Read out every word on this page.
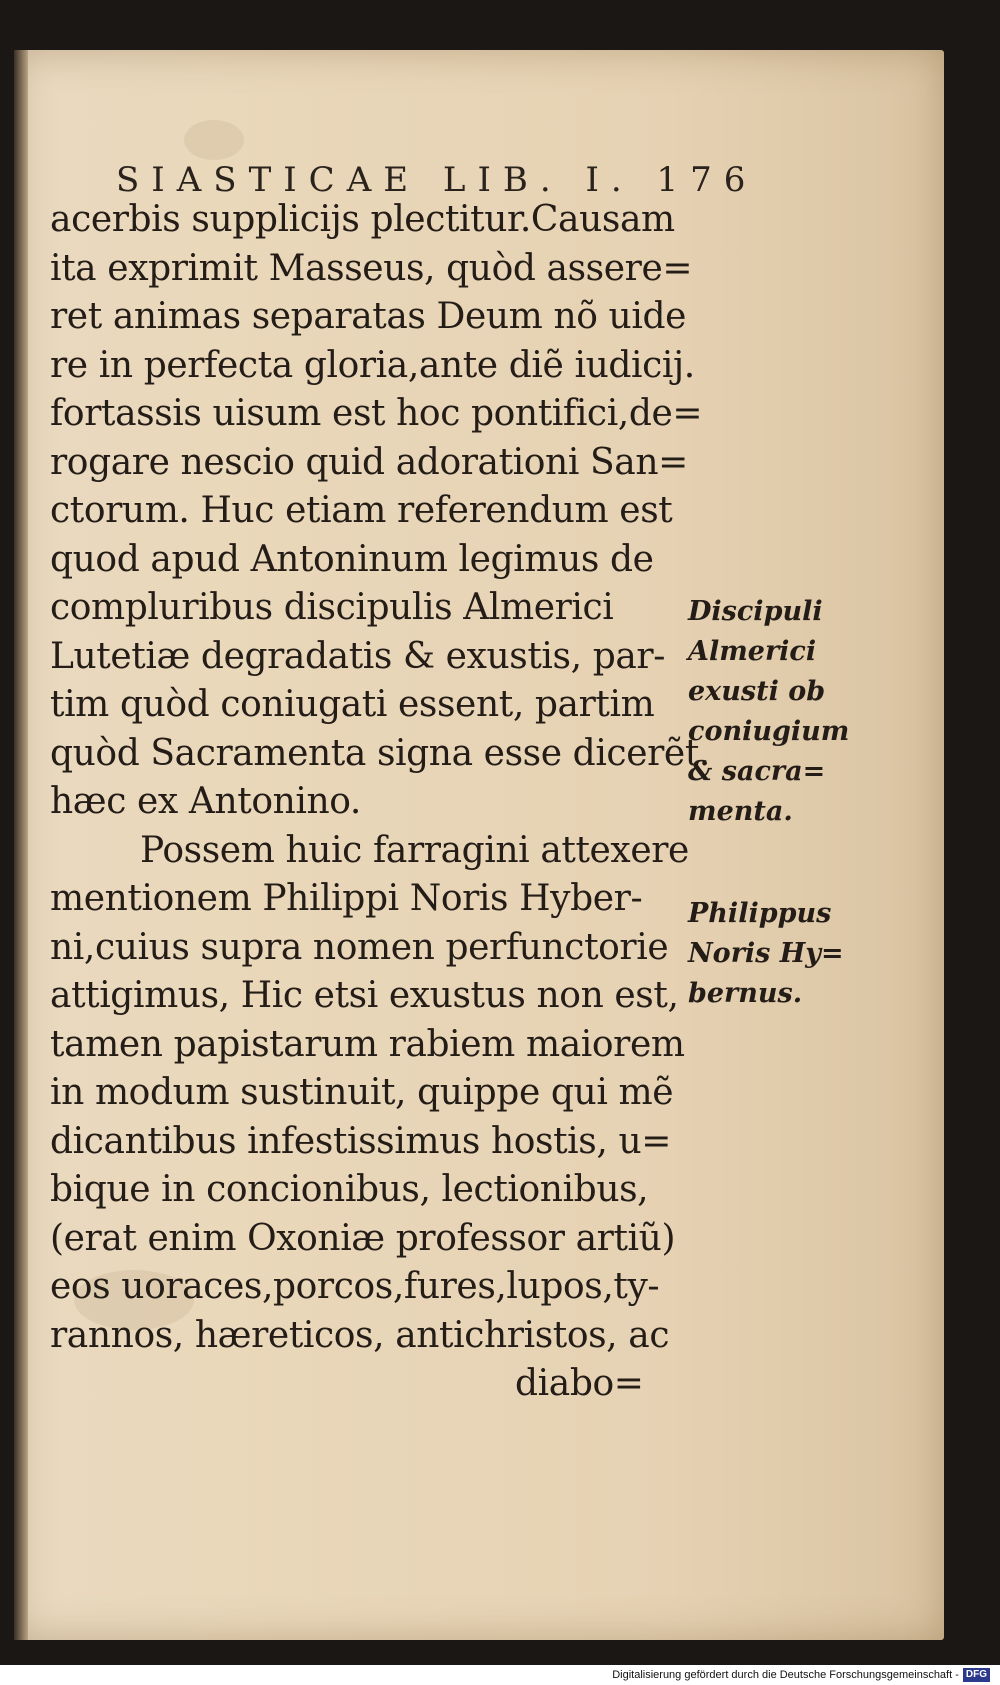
SIASTICAE LIB. I. 176
acerbis supplicijs plectitur.Causam
ita exprimit Masseus, quòd assere=
ret animas separatas Deum nõ uide
re in perfecta gloria,ante diẽ iudicij.
fortassis uisum est hoc pontifici,de=
rogare nescio quid adorationi San=
ctorum. Huc etiam referendum est
quod apud Antoninum legimus de
compluribus discipulis Almerici
Lutetiæ degradatis & exustis, par-
tim quòd coniugati essent, partim
quòd Sacramenta signa esse dicerẽt.
hæc ex Antonino.
Possem huic farragini attexere
mentionem Philippi Noris Hyber-
ni,cuius supra nomen perfunctorie
attigimus, Hic etsi exustus non est,
tamen papistarum rabiem maiorem
in modum sustinuit, quippe qui mẽ
dicantibus infestissimus hostis, u=
bique in concionibus, lectionibus,
(erat enim Oxoniæ professor artiũ)
eos uoraces,porcos,fures,lupos,ty-
rannos, hæreticos, antichristos, ac
diabo=
Discipuli
Almerici
exusti ob
coniugium
& sacra=
menta.
Philippus
Noris Hy=
bernus.
Digitalisierung gefördert durch die Deutsche Forschungsgemeinschaft - DFG
